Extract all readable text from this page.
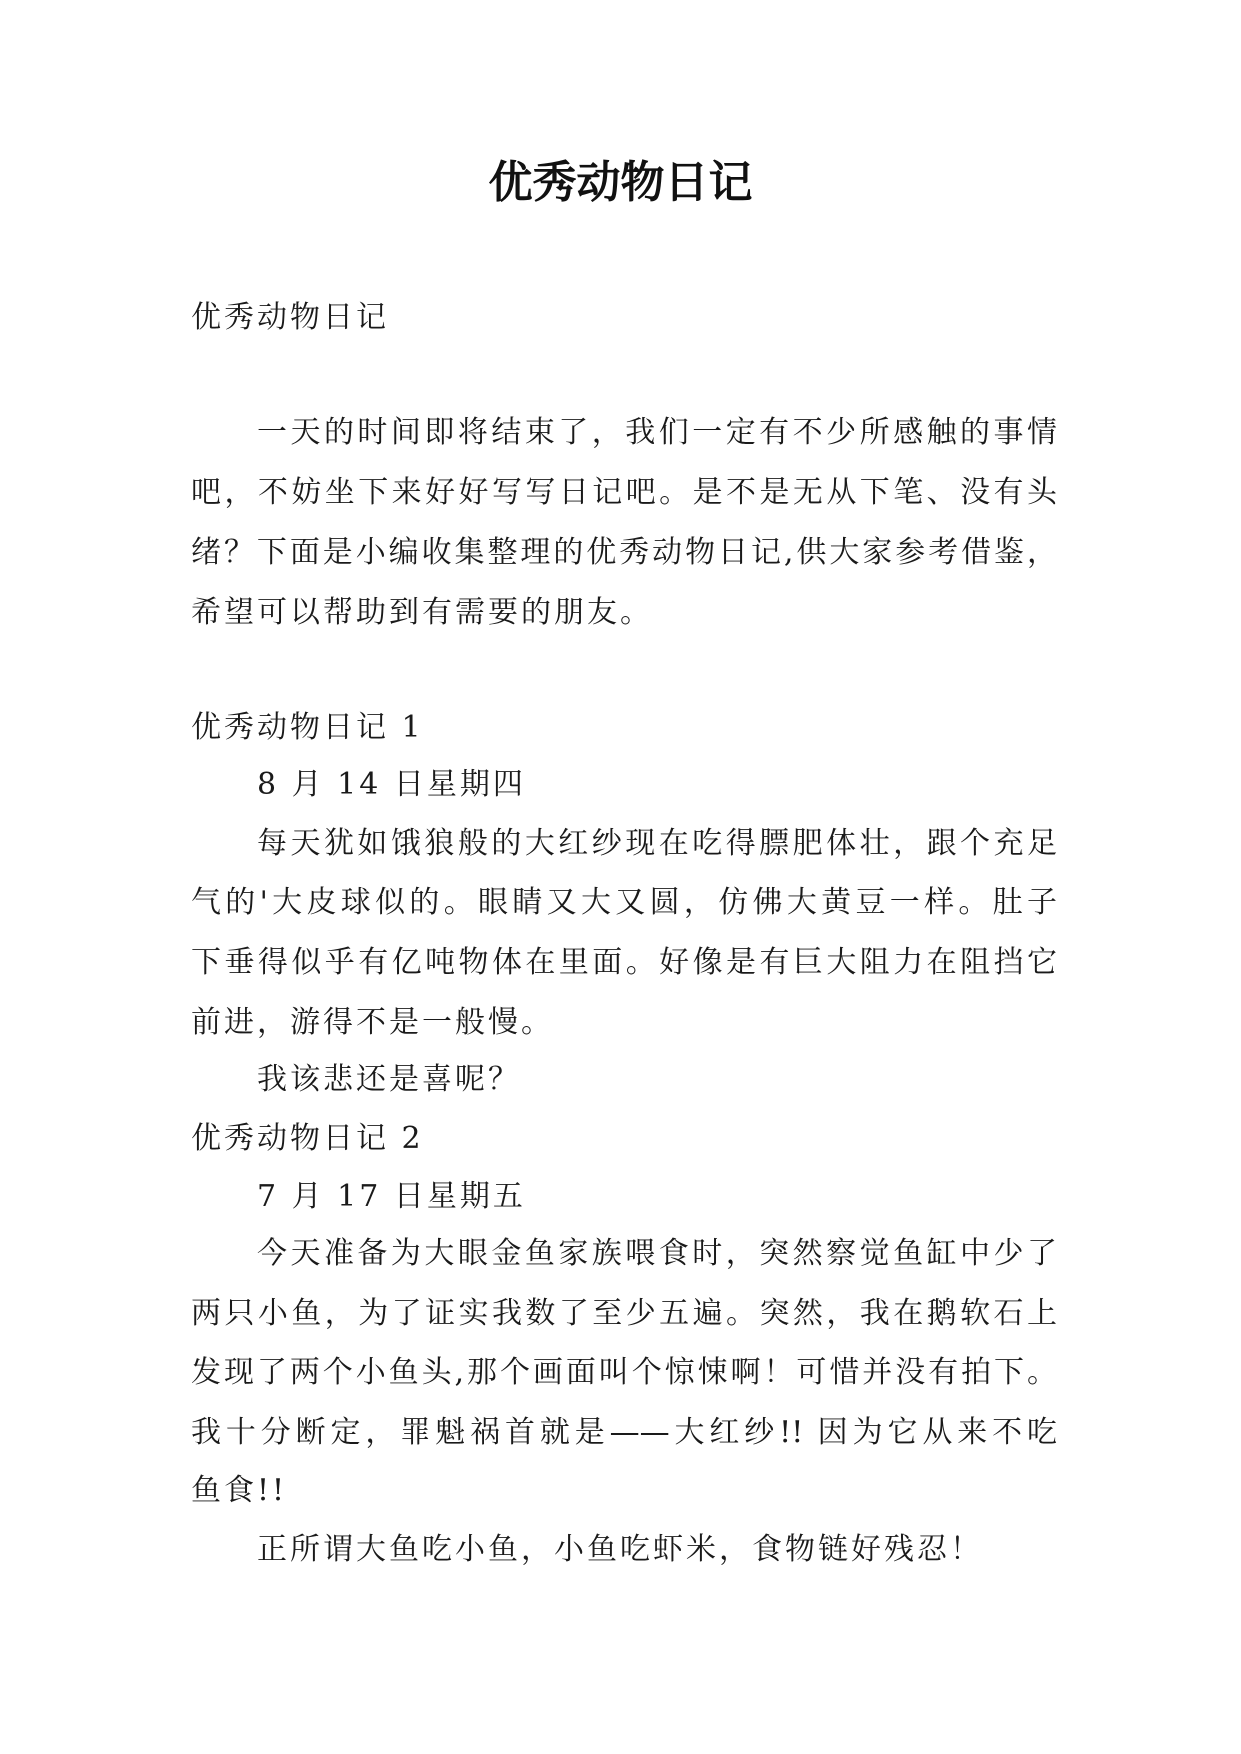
优秀动物日记
优秀动物日记
一天的时间即将结束了，我们一定有不少所感触的事情
吧，不妨坐下来好好写写日记吧。是不是无从下笔、没有头
绪？下面是小编收集整理的优秀动物日记,供大家参考借鉴，
希望可以帮助到有需要的朋友。
优秀动物日记 1
8 月 14 日星期四
每天犹如饿狼般的大红纱现在吃得膘肥体壮，跟个充足
气的'大皮球似的。眼睛又大又圆，仿佛大黄豆一样。肚子
下垂得似乎有亿吨物体在里面。好像是有巨大阻力在阻挡它
前进，游得不是一般慢。
我该悲还是喜呢？
优秀动物日记 2
7 月 17 日星期五
今天准备为大眼金鱼家族喂食时，突然察觉鱼缸中少了
两只小鱼，为了证实我数了至少五遍。突然，我在鹅软石上
发现了两个小鱼头,那个画面叫个惊悚啊！可惜并没有拍下。
我十分断定，罪魁祸首就是——大红纱!! 因为它从来不吃
鱼食!!
正所谓大鱼吃小鱼，小鱼吃虾米，食物链好残忍！
